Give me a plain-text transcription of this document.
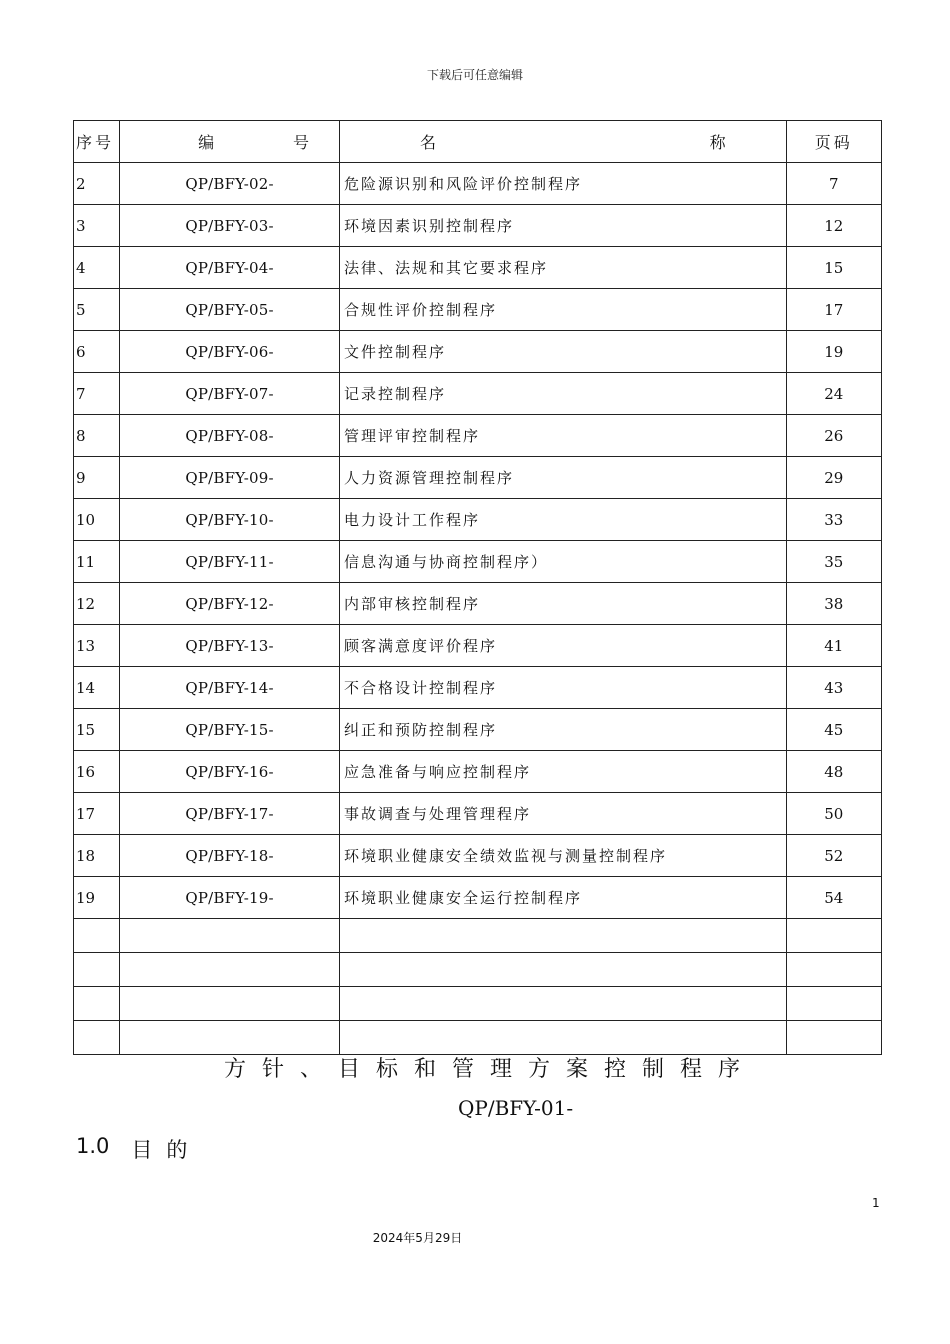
下载后可任意编辑
序号	编 号	名 称	页码
2	QP/BFY-02-	危险源识别和风险评价控制程序	7
3	QP/BFY-03-	环境因素识别控制程序	12
4	QP/BFY-04-	法律、法规和其它要求程序	15
5	QP/BFY-05-	合规性评价控制程序	17
6	QP/BFY-06-	文件控制程序	19
7	QP/BFY-07-	记录控制程序	24
8	QP/BFY-08-	管理评审控制程序	26
9	QP/BFY-09-	人力资源管理控制程序	29
10	QP/BFY-10-	电力设计工作程序	33
11	QP/BFY-11-	信息沟通与协商控制程序）	35
12	QP/BFY-12-	内部审核控制程序	38
13	QP/BFY-13-	顾客满意度评价程序	41
14	QP/BFY-14-	不合格设计控制程序	43
15	QP/BFY-15-	纠正和预防控制程序	45
16	QP/BFY-16-	应急准备与响应控制程序	48
17	QP/BFY-17-	事故调查与处理管理程序	50
18	QP/BFY-18-	环境职业健康安全绩效监视与测量控制程序	52
19	QP/BFY-19-	环境职业健康安全运行控制程序	54

方针、目标和管理方案控制程序
QP/BFY-01-
1.0 目的
1
2024年5月29日
